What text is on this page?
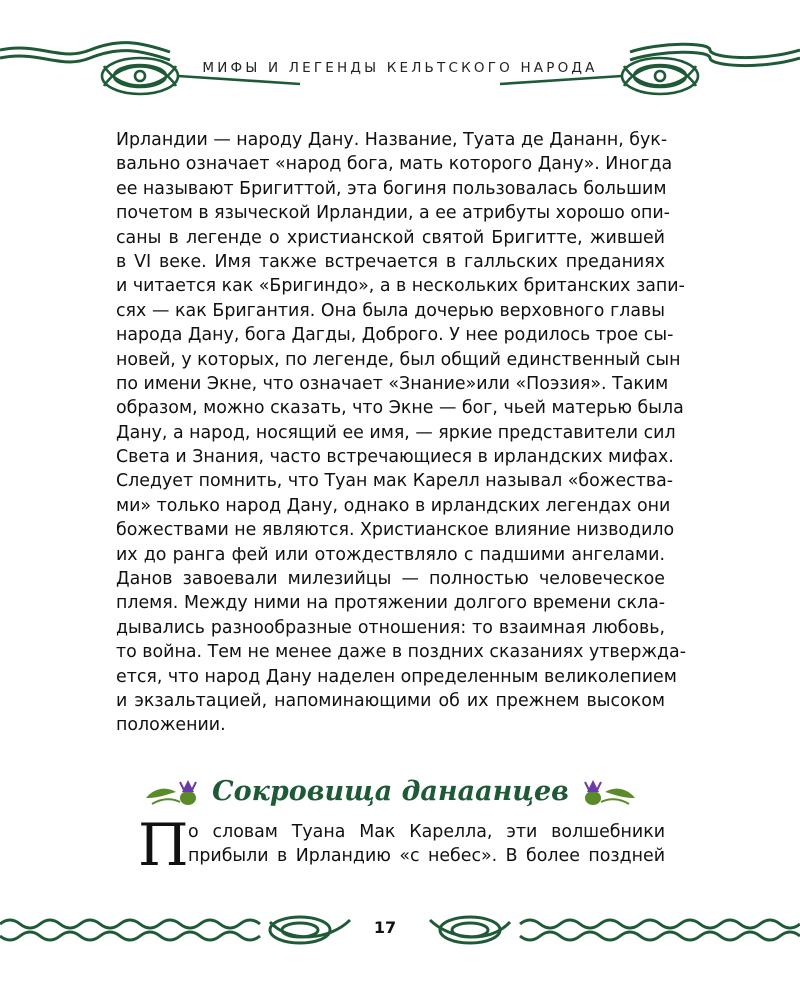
МИФЫ И ЛЕГЕНДЫ КЕЛЬТСКОГО НАРОДА
Ирландии — народу Дану. Название, Туата де Дананн, бук-
вально означает «народ бога, мать которого Дану». Иногда
ее называют Бригиттой, эта богиня пользовалась большим
почетом в языческой Ирландии, а ее атрибуты хорошо опи-
саны в легенде о христианской святой Бригитте, жившей
в VI веке. Имя также встречается в галльских преданиях
и читается как «Бригиндо», а в нескольких британских запи-
сях — как Бригантия. Она была дочерью верховного главы
народа Дану, бога Дагды, Доброго. У нее родилось трое сы-
новей, у которых, по легенде, был общий единственный сын
по имени Экне, что означает «Знание»или «Поэзия». Таким
образом, можно сказать, что Экне — бог, чьей матерью была
Дану, а народ, носящий ее имя, — яркие представители сил
Света и Знания, часто встречающиеся в ирландских мифах.
Следует помнить, что Туан мак Карелл называл «божества-
ми» только народ Дану, однако в ирландских легендах они
божествами не являются. Христианское влияние низводило
их до ранга фей или отождествляло с падшими ангелами.
Данов завоевали милезийцы — полностью человеческое
племя. Между ними на протяжении долгого времени скла-
дывались разнообразные отношения: то взаимная любовь,
то война. Тем не менее даже в поздних сказаниях утвержда-
ется, что народ Дану наделен определенным великолепием
и экзальтацией, напоминающими об их прежнем высоком
положении.
Сокровища данаанцев
П о словам Туана Мак Карелла, эти волшебники
прибыли в Ирландию «с небес». В более поздней
17
